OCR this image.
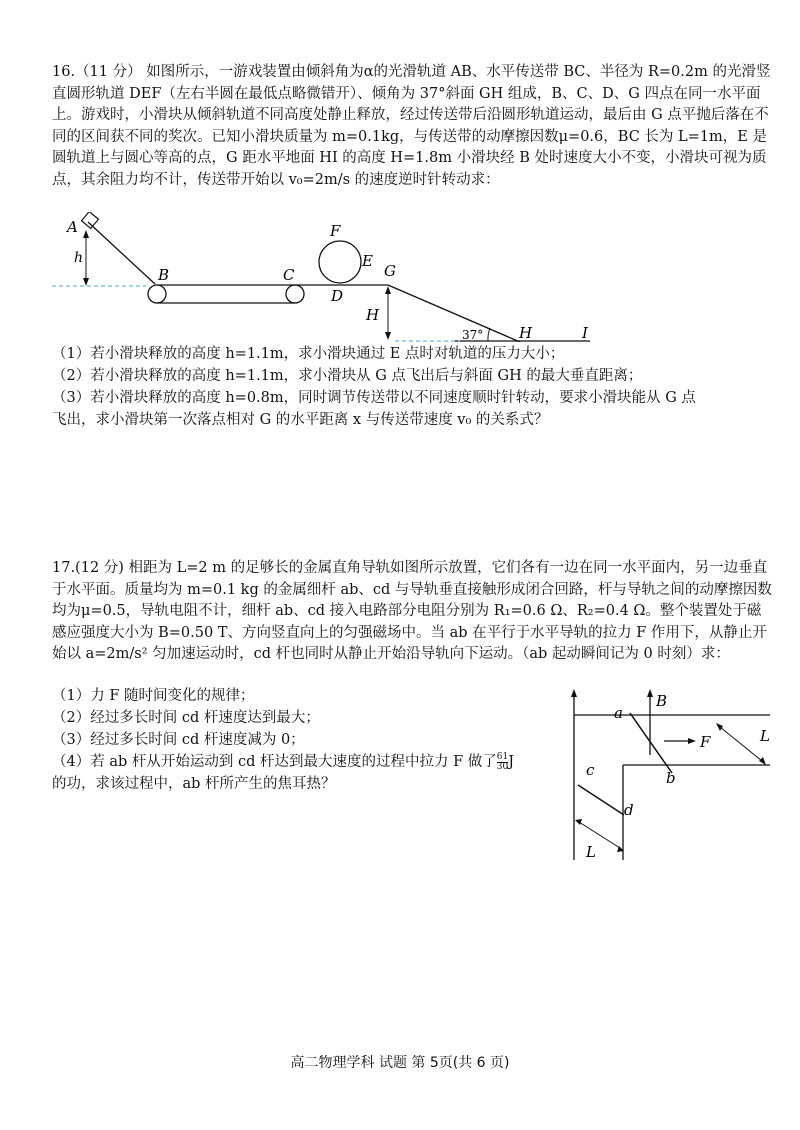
16.（11 分） 如图所示，一游戏装置由倾斜角为α的光滑轨道 AB、水平传送带 BC、半径为 R=0.2m 的光滑竖直圆形轨道 DEF（左右半圆在最低点略微错开）、倾角为 37°斜面 GH 组成，B、C、D、G 四点在同一水平面上。游戏时，小滑块从倾斜轨道不同高度处静止释放，经过传送带后沿圆形轨道运动，最后由 G 点平抛后落在不同的区间获不同的奖次。已知小滑块质量为 m=0.1kg，与传送带的动摩擦因数μ=0.6，BC 长为 L=1m，E 是圆轨道上与圆心等高的点，G 距水平地面 HI 的高度 H=1.8m 小滑块经 B 处时速度大小不变，小滑块可视为质点，其余阻力均不计，传送带开始以 v₀=2m/s 的速度逆时针转动求：
A
h
B	C
F
E
G
D
H
37° H	I
（1）若小滑块释放的高度 h=1.1m，求小滑块通过 E 点时对轨道的压力大小；
（2）若小滑块释放的高度 h=1.1m，求小滑块从 G 点飞出后与斜面 GH 的最大垂直距离；
（3）若小滑块释放的高度 h=0.8m，同时调节传送带以不同速度顺时针转动，要求小滑块能从 G 点
飞出，求小滑块第一次落点相对 G 的水平距离 x 与传送带速度 v₀ 的关系式？
17.(12 分) 相距为 L=2 m 的足够长的金属直角导轨如图所示放置，它们各有一边在同一水平面内，另一边垂直于水平面。质量均为 m=0.1 kg 的金属细杆 ab、cd 与导轨垂直接触形成闭合回路，杆与导轨之间的动摩擦因数均为μ=0.5，导轨电阻不计，细杆 ab、cd 接入电路部分电阻分别为 R₁=0.6 Ω、R₂=0.4 Ω。整个装置处于磁感应强度大小为 B=0.50 T、方向竖直向上的匀强磁场中。当 ab 在平行于水平导轨的拉力 F 作用下，从静止开始以 a=2m/s² 匀加速运动时，cd 杆也同时从静止开始沿导轨向下运动。（ab 起动瞬间记为 0 时刻）求：
（1）力 F 随时间变化的规律；
（2）经过多长时间 cd 杆速度达到最大；
（3）经过多长时间 cd 杆速度减为 0；
（4）若 ab 杆从开始运动到 cd 杆达到最大速度的过程中拉力 F 做了 $\frac{61}{30}$ J
的功，求该过程中，ab 杆所产生的焦耳热？
a
B
F	L
c	b
d
L
高二物理学科 试题 第 5页(共 6 页)
